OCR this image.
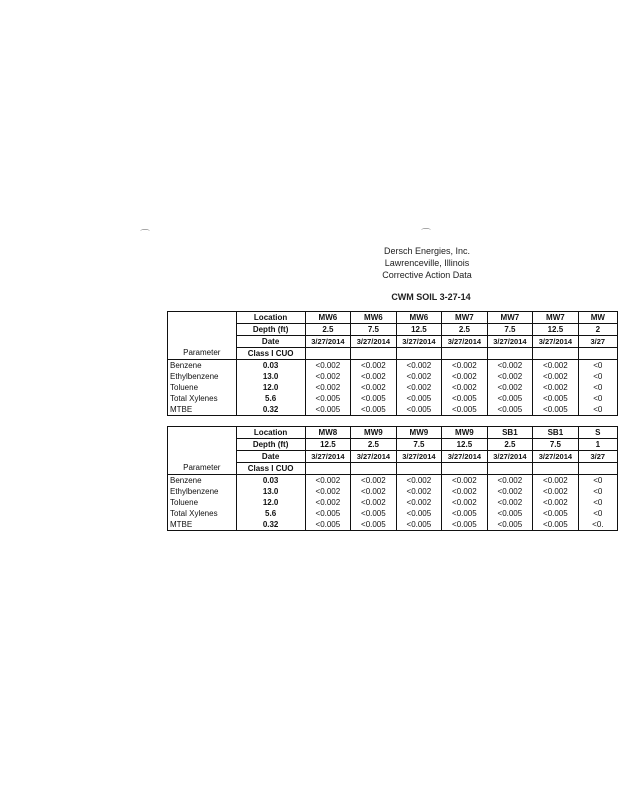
⌒	⌒
Dersch Energies, Inc.
Lawrenceville, Illinois
Corrective Action Data
CWM SOIL 3-27-14
	Location	MW6	MW6	MW6	MW7	MW7	MW7	MW
	Depth (ft)	2.5	7.5	12.5	2.5	7.5	12.5	2
	Date	3/27/2014	3/27/2014	3/27/2014	3/27/2014	3/27/2014	3/27/2014	3/27
Parameter	Class I CUO							
Benzene	0.03	<0.002	<0.002	<0.002	<0.002	<0.002	<0.002	<0
Ethylbenzene	13.0	<0.002	<0.002	<0.002	<0.002	<0.002	<0.002	<0
Toluene	12.0	<0.002	<0.002	<0.002	<0.002	<0.002	<0.002	<0
Total Xylenes	5.6	<0.005	<0.005	<0.005	<0.005	<0.005	<0.005	<0
MTBE	0.32	<0.005	<0.005	<0.005	<0.005	<0.005	<0.005	<0
	Location	MW8	MW9	MW9	MW9	SB1	SB1	S
	Depth (ft)	12.5	2.5	7.5	12.5	2.5	7.5	1
	Date	3/27/2014	3/27/2014	3/27/2014	3/27/2014	3/27/2014	3/27/2014	3/27
Parameter	Class I CUO							
Benzene	0.03	<0.002	<0.002	<0.002	<0.002	<0.002	<0.002	<0
Ethylbenzene	13.0	<0.002	<0.002	<0.002	<0.002	<0.002	<0.002	<0
Toluene	12.0	<0.002	<0.002	<0.002	<0.002	<0.002	<0.002	<0
Total Xylenes	5.6	<0.005	<0.005	<0.005	<0.005	<0.005	<0.005	<0
MTBE	0.32	<0.005	<0.005	<0.005	<0.005	<0.005	<0.005	<0.
